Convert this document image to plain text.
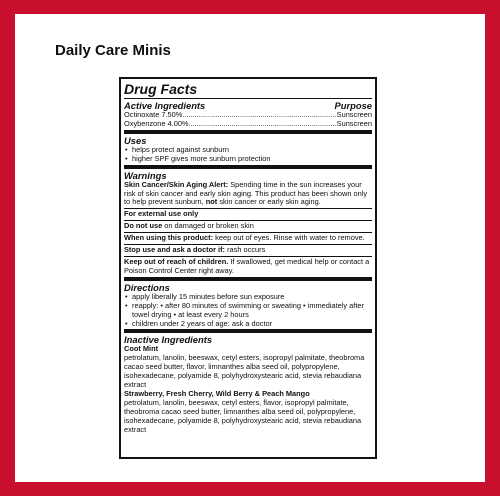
Daily Care Minis
Drug Facts
Active Ingredients	Purpose
Octinoxate 7.50% .....	Sunscreen
Oxybenzone 4.00% .....	Sunscreen
Uses
• helps protect against sunburn
• higher SPF gives more sunburn protection
Warnings
Skin Cancer/Skin Aging Alert: Spending time in the sun increases your risk of skin cancer and early skin aging. This product has been shown only to help prevent sunburn, not skin cancer or early skin aging.
For external use only
Do not use on damaged or broken skin
When using this product: keep out of eyes. Rinse with water to remove.
Stop use and ask a doctor if: rash occurs
Keep out of reach of children. If swallowed, get medical help or contact a Poison Control Center right away.
Directions
• apply liberally 15 minutes before sun exposure
• reapply: • after 80 minutes of swimming or sweating • immediately after towel drying • at least every 2 hours
• children under 2 years of age: ask a doctor
Inactive Ingredients
Coot Mint
petrolatum, lanolin, beeswax, cetyl esters, isopropyl palmitate, theobroma cacao seed butter, flavor, limnanthes alba seed oil, polypropylene, isohexadecane, polyamide 8, polyhydroxystearic acid, stevia rebaudiana extract
Strawberry, Fresh Cherry, Wild Berry & Peach Mango
petrolatum, lanolin, beeswax, cetyl esters, flavor, isopropyl palmitate, theobroma cacao seed butter, limnanthes alba seed oil, polypropylene, isohexadecane, polyamide 8, polyhydroxystearic acid, stevia rebaudiana extract
